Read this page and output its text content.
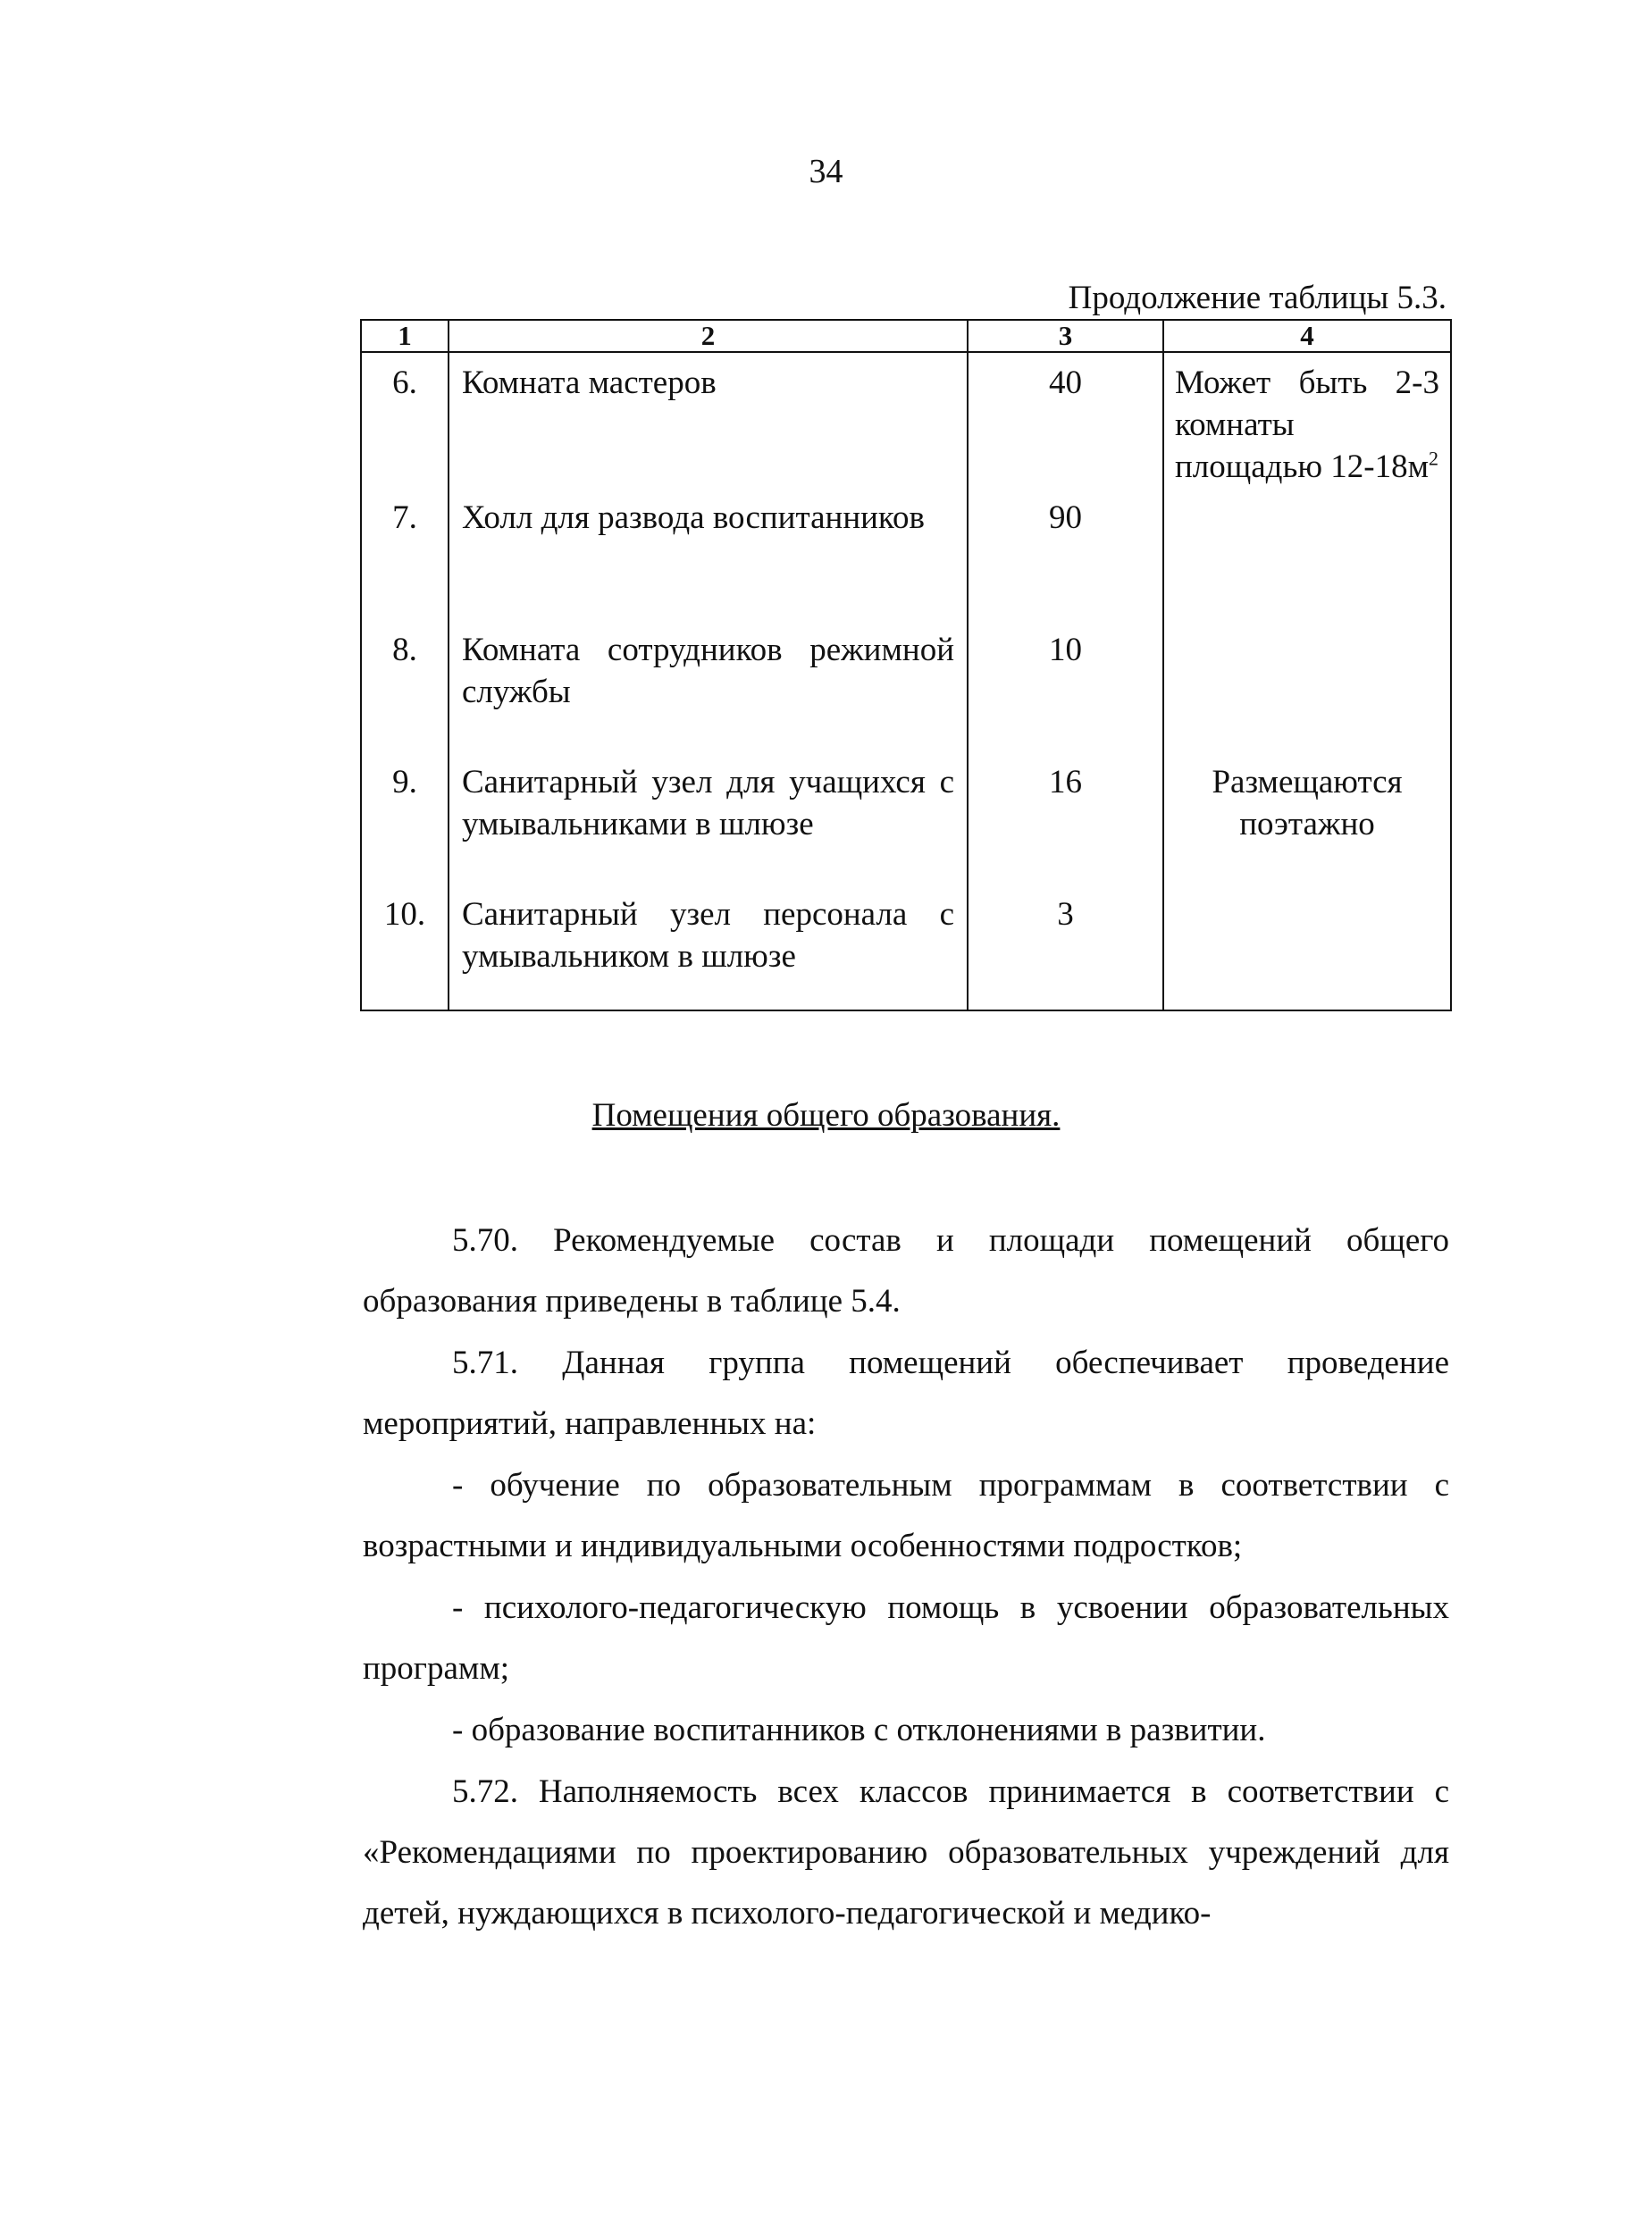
34
Продолжение таблицы 5.3.
1	2	3	4
6.	Комната мастеров	40	Может быть 2-3 комнаты площадью $12-18м^2$
7.	Холл для развода воспитанников	90	
8.	Комната сотрудников режимной службы	10	
9.	Санитарный узел для учащихся с умывальниками в шлюзе	16	Размещаются поэтажно
10.	Санитарный узел персонала с умывальником в шлюзе	3	
Помещения общего образования.

5.70. Рекомендуемые состав и площади помещений общего образования приведены в таблице 5.4.

5.71. Данная группа помещений обеспечивает проведение мероприятий, направленных на:

- обучение по образовательным программам в соответствии с возрастными и индивидуальными особенностями подростков;

- психолого-педагогическую помощь в усвоении образовательных программ;

- образование воспитанников с отклонениями в развитии.

5.72. Наполняемость всех классов принимается в соответствии с «Рекомендациями по проектированию образовательных учреждений для детей, нуждающихся в психолого-педагогической и медико-
